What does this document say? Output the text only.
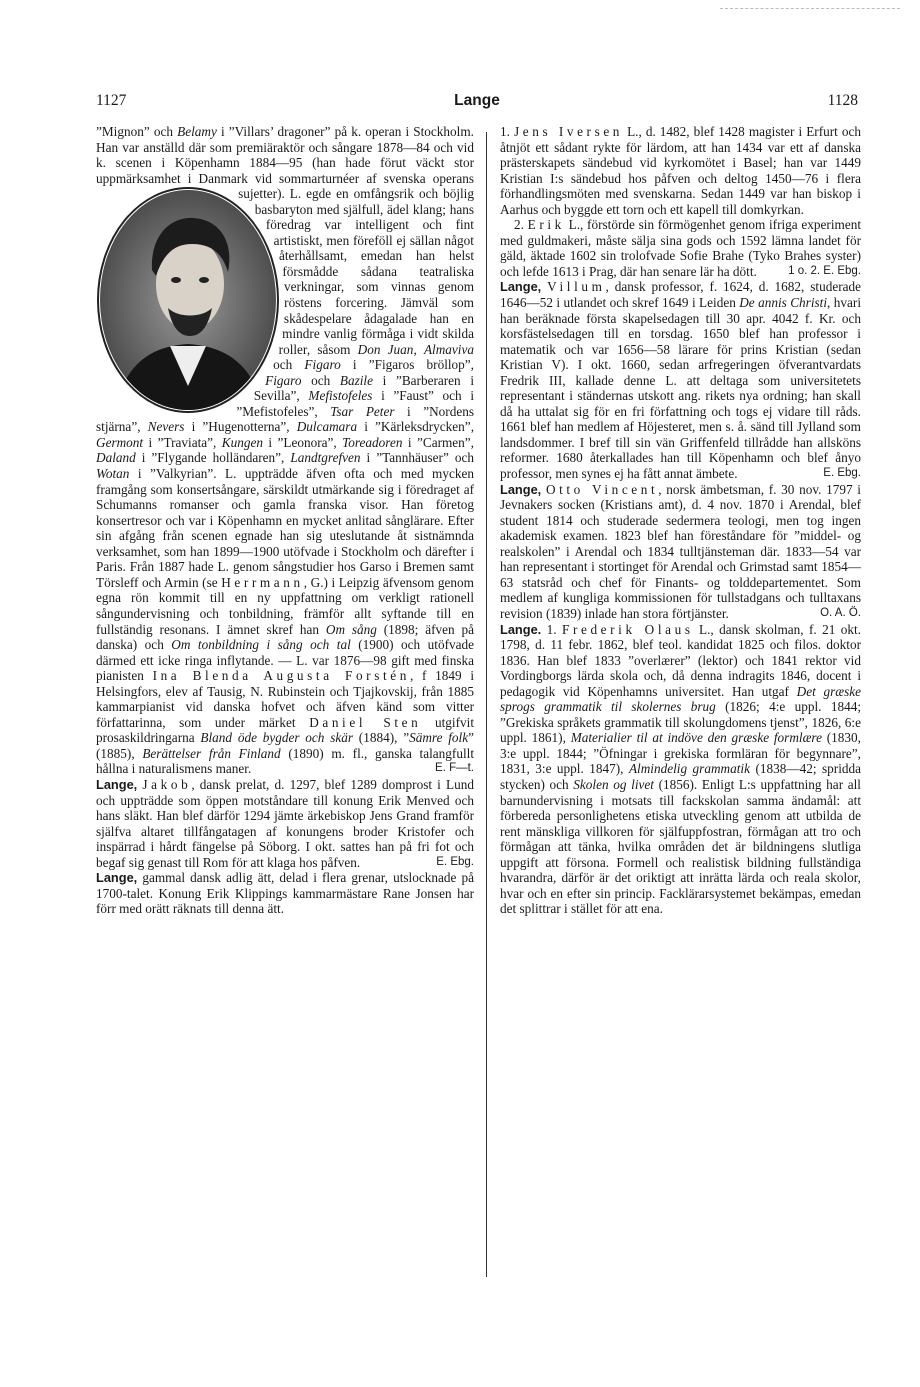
1127	Lange	1128

”Mignon” och Belamy i ”Villars’ dragoner” på k. operan i Stockholm. Han var anställd där som premiäraktör och sångare 1878—84 och vid k. scenen i Köpenhamn 1884—95 (han hade förut väckt stor uppmärksamhet i Danmark vid sommarturnéer af
svenska operans sujetter). L. egde en omfångsrik och böjlig basbaryton med själfull, ädel klang; hans föredrag var intelligent och fint artistiskt, men föreföll ej sällan något återhållsamt, emedan han helst försmådde sådana teatraliska verkningar, som vinnas genom röstens forcering. Jämväl som skådespelare ådagalade han en mindre vanlig förmåga i vidt skilda roller, såsom Don Juan, Almaviva och Figaro i ”Figaros bröllop”, Figaro och Bazile i ”Barberaren i Sevilla”, Mefistofeles i ”Faust” och i ”Mefistofeles”, Tsar Peter i ”Nordens stjärna”, Nevers i ”Hugenotterna”, Dulcamara i ”Kärleksdrycken”, Germont i ”Traviata”, Kungen i ”Leonora”, Toreadoren i ”Carmen”, Daland i ”Flygande holländaren”, Landtgrefven i ”Tannhäuser” och Wotan i ”Valkyrian”. L. uppträdde äfven ofta och med mycken framgång som konsertsångare, särskildt utmärkande sig i föredraget af Schumanns romanser och gamla franska visor. Han företog konsertresor och var i Köpenhamn en mycket anlitad sånglärare. Efter sin afgång från scenen egnade han sig uteslutande åt sistnämnda verksamhet, som han 1899—1900 utöfvade i Stockholm och därefter i Paris. Från 1887 hade L. genom sångstudier hos Garso i Bremen samt Törsleff och Armin (se Herrmann, G.) i Leipzig äfvensom genom egna rön kommit till en ny uppfattning om verkligt rationell sångundervisning och tonbildning, främför allt syftande till en fullständig resonans. I ämnet skref han Om sång (1898; äfven på danska) och Om tonbildning i sång och tal (1900) och utöfvade därmed ett icke ringa inflytande. — L. var 1876—98 gift med finska pianisten Ina Blenda Augusta Forstén, f 1849 i Helsingfors, elev af Tausig, N. Rubinstein och Tjajkovskij, från 1885 kammarpianist vid danska hofvet och äfven känd som vitter författarinna, som under märket Daniel Sten utgifvit prosaskildringarna Bland öde bygder och skär (1884), ”Sämre folk” (1885), Berättelser från Finland (1890) m. fl., ganska talangfullt hållna i naturalismens maner.	E. F—t.

Lange, Jakob, dansk prelat, d. 1297, blef 1289 domprost i Lund och uppträdde som öppen motståndare till konung Erik Menved och hans släkt. Han blef därför 1294 jämte ärkebiskop Jens Grand framför själfva altaret tillfångatagen af konungens broder Kristofer och inspärrad i hårdt fängelse på Söborg. I okt. sattes han på fri fot och begaf sig genast till Rom för att klaga hos påfven.	E. Ebg.

Lange, gammal dansk adlig ätt, delad i flera grenar, utslocknade på 1700-talet. Konung Erik Klippings kammarmästare Rane Jonsen har förr med orätt räknats till denna ätt.

1. Jens Iversen L., d. 1482, blef 1428 magister i Erfurt och åtnjöt ett sådant rykte för lärdom, att han 1434 var ett af danska prästerskapets sändebud vid kyrkomötet i Basel; han var 1449 Kristian I:s sändebud hos påfven och deltog 1450—76 i flera förhandlingsmöten med svenskarna. Sedan 1449 var han biskop i Aarhus och byggde ett torn och ett kapell till domkyrkan.

2. Erik L., förstörde sin förmögenhet genom ifriga experiment med guldmakeri, måste sälja sina gods och 1592 lämna landet för gäld, äktade 1602 sin trolofvade Sofie Brahe (Tyko Brahes syster) och lefde 1613 i Prag, där han senare lär ha dött.	1 o. 2. E. Ebg.

Lange, Villum, dansk professor, f. 1624, d. 1682, studerade 1646—52 i utlandet och skref 1649 i Leiden De annis Christi, hvari han beräknade första skapelsedagen till 30 apr. 4042 f. Kr. och korsfästelsedagen till en torsdag. 1650 blef han professor i matematik och var 1656—58 lärare för prins Kristian (sedan Kristian V). I okt. 1660, sedan arfregeringen öfverantvardats Fredrik III, kallade denne L. att deltaga som universitetets representant i ständernas utskott ang. rikets nya ordning; han skall då ha uttalat sig för en fri författning och togs ej vidare till råds. 1661 blef han medlem af Höjesteret, men s. å. sänd till Jylland som landsdommer. I bref till sin vän Griffenfeld tillrådde han allsköns reformer. 1680 återkallades han till Köpenhamn och blef ånyo professor, men synes ej ha fått annat ämbete.	E. Ebg.

Lange, Otto Vincent, norsk ämbetsman, f. 30 nov. 1797 i Jevnakers socken (Kristians amt), d. 4 nov. 1870 i Arendal, blef student 1814 och studerade sedermera teologi, men tog ingen akademisk examen. 1823 blef han föreståndare för ”middel- og realskolen” i Arendal och 1834 tulltjänsteman där. 1833—54 var han representant i stortinget för Arendal och Grimstad samt 1854—63 statsråd och chef för Finants- og tolddepartementet. Som medlem af kungliga kommissionen för tullstadgans och tulltaxans revision (1839) inlade han stora förtjänster.	O. A. Ö.

Lange. 1. Frederik Olaus L., dansk skolman, f. 21 okt. 1798, d. 11 febr. 1862, blef teol. kandidat 1825 och filos. doktor 1836. Han blef 1833 ”overlærer” (lektor) och 1841 rektor vid Vordingborgs lärda skola och, då denna indragits 1846, docent i pedagogik vid Köpenhamns universitet. Han utgaf Det græske sprogs grammatik til skolernes brug (1826; 4:e uppl. 1844; ”Grekiska språkets grammatik till skolungdomens tjenst”, 1826, 6:e uppl. 1861), Materialier til at indöve den græske formlære (1830, 3:e uppl. 1844; ”Öfningar i grekiska formläran för begynnare”, 1831, 3:e uppl. 1847), Almindelig grammatik (1838—42; spridda stycken) och Skolen og livet (1856). Enligt L:s uppfattning har all barnundervisning i motsats till fackskolan samma ändamål: att förbereda personlighetens etiska utveckling genom att utbilda de rent mänskliga villkoren för själfuppfostran, förmågan att tro och förmågan att tänka, hvilka områden det är bildningens slutliga uppgift att försona. Formell och realistisk bildning fullständiga hvarandra, därför är det oriktigt att inrätta lärda och reala skolor, hvar och en efter sin princip. Facklärarsystemet bekämpas, emedan det splittrar i stället för att ena.
